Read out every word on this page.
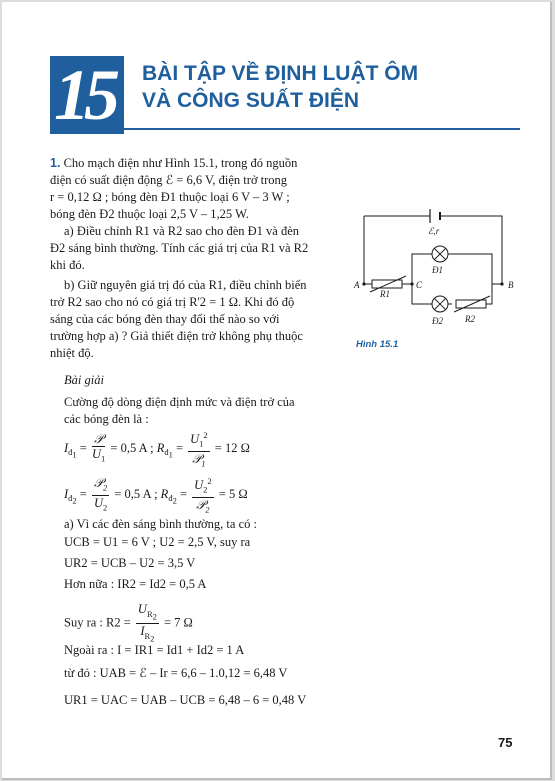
15 BÀI TẬP VỀ ĐỊNH LUẬT ÔM
VÀ CÔNG SUẤT ĐIỆN
1. Cho mạch điện như Hình 15.1, trong đó nguồn
điện có suất điện động ℰ = 6,6 V, điện trở trong
r = 0,12 Ω ; bóng đèn Đ1 thuộc loại 6 V – 3 W ;
bóng đèn Đ2 thuộc loại 2,5 V – 1,25 W.
a) Điều chỉnh R1 và R2 sao cho đèn Đ1 và đèn
Đ2 sáng bình thường. Tính các giá trị của R1 và R2
khi đó.
b) Giữ nguyên giá trị đó của R1, điều chỉnh biến
trở R2 sao cho nó có giá trị R'2 = 1 Ω. Khi đó độ
sáng của các bóng đèn thay đổi thế nào so với
trường hợp a) ? Giả thiết điện trở không phụ thuộc
nhiệt độ.
ℰ,r
Đ1
Đ2
R1
R2
A	B
C
Hình 15.1
Bài giải
Cường độ dòng điện định mức và điện trở của
các bóng đèn là :
$I_{đ_1} = \frac{\text{𝒫}}{U_1} = 0,5$ A ; $R_{đ_1} = \frac{U_1^2}{𝒫_1} = 12$ Ω
$I_{đ_2} = \frac{𝒫_2}{U_2} = 0,5$ A ; $R_{đ_2} = \frac{U_2^2}{𝒫_2} = 5$ Ω
a) Vì các đèn sáng bình thường, ta có :
UCB = U1 = 6 V ; U2 = 2,5 V, suy ra
UR2 = UCB – U2 = 3,5 V
Hơn nữa : IR2 = Id2 = 0,5 A
Suy ra : $R2 = \frac{U_{R_2}}{I_{R_2}} = 7$ Ω
Ngoài ra : I = IR1 = Id1 + Id2 = 1 A
từ đó : UAB = ℰ – Ir = 6,6 – 1.0,12 = 6,48 V
UR1 = UAC = UAB – UCB = 6,48 – 6 = 0,48 V
75
